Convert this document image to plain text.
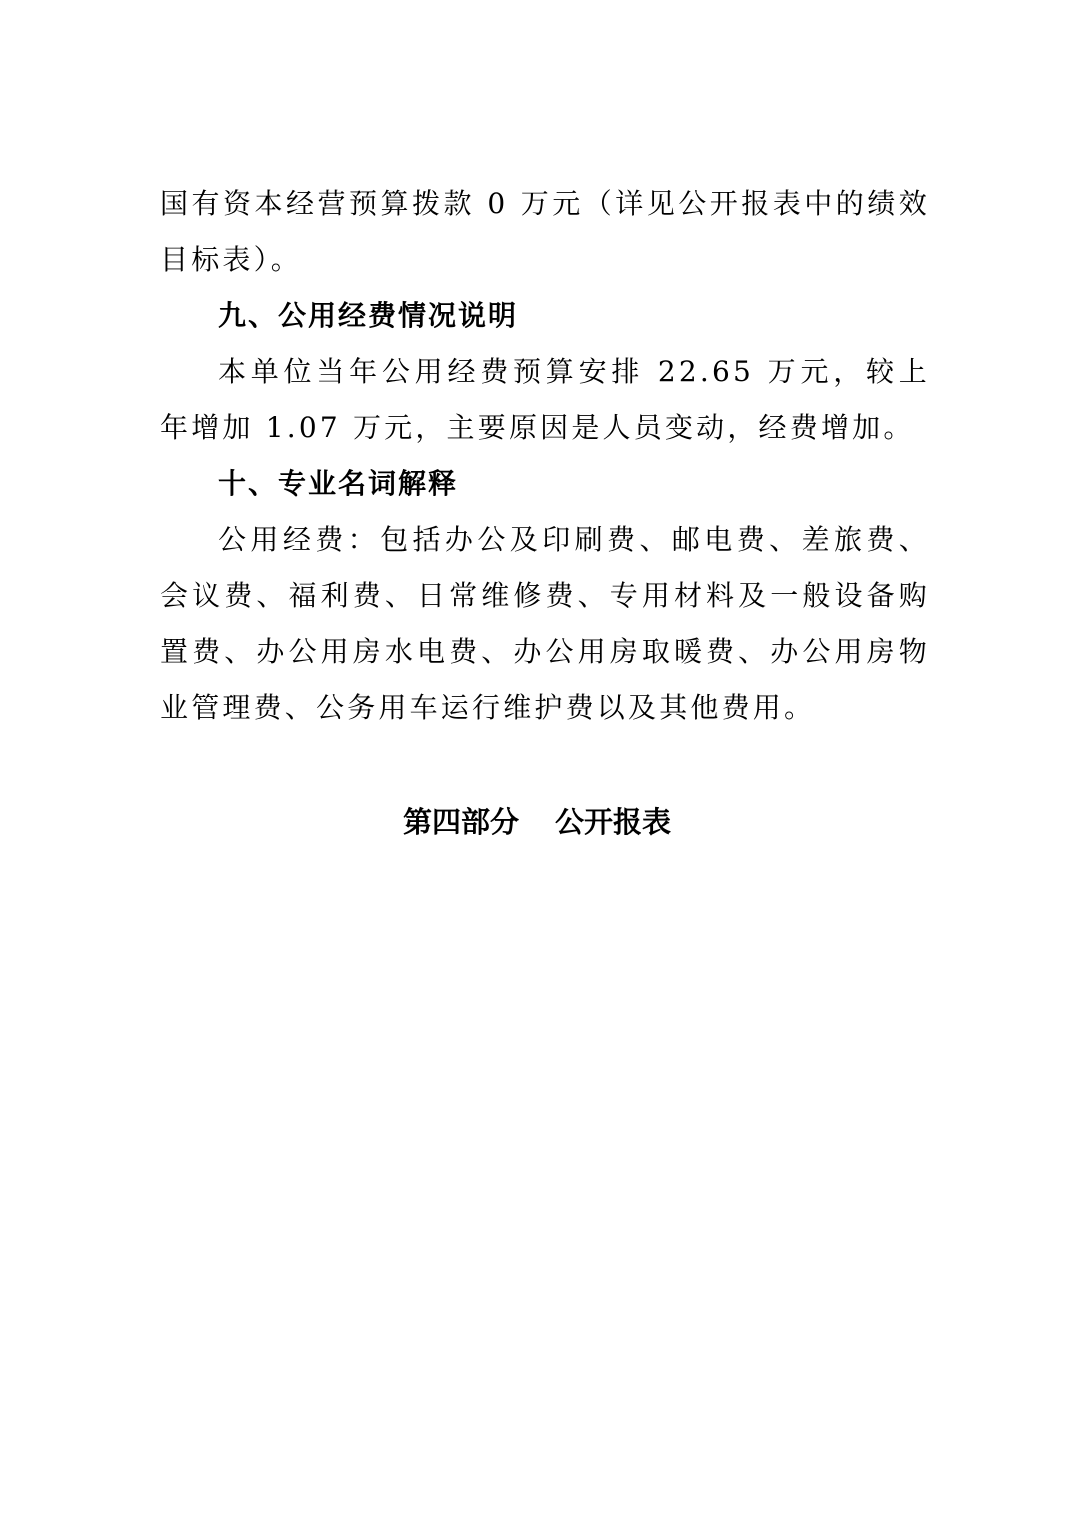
国有资本经营预算拨款 0 万元（详见公开报表中的绩效目标表）。

九、公用经费情况说明

本单位当年公用经费预算安排 22.65 万元，较上年增加 1.07 万元，主要原因是人员变动，经费增加。

十、专业名词解释

公用经费：包括办公及印刷费、邮电费、差旅费、会议费、福利费、日常维修费、专用材料及一般设备购置费、办公用房水电费、办公用房取暖费、办公用房物业管理费、公务用车运行维护费以及其他费用。

第四部分 公开报表
